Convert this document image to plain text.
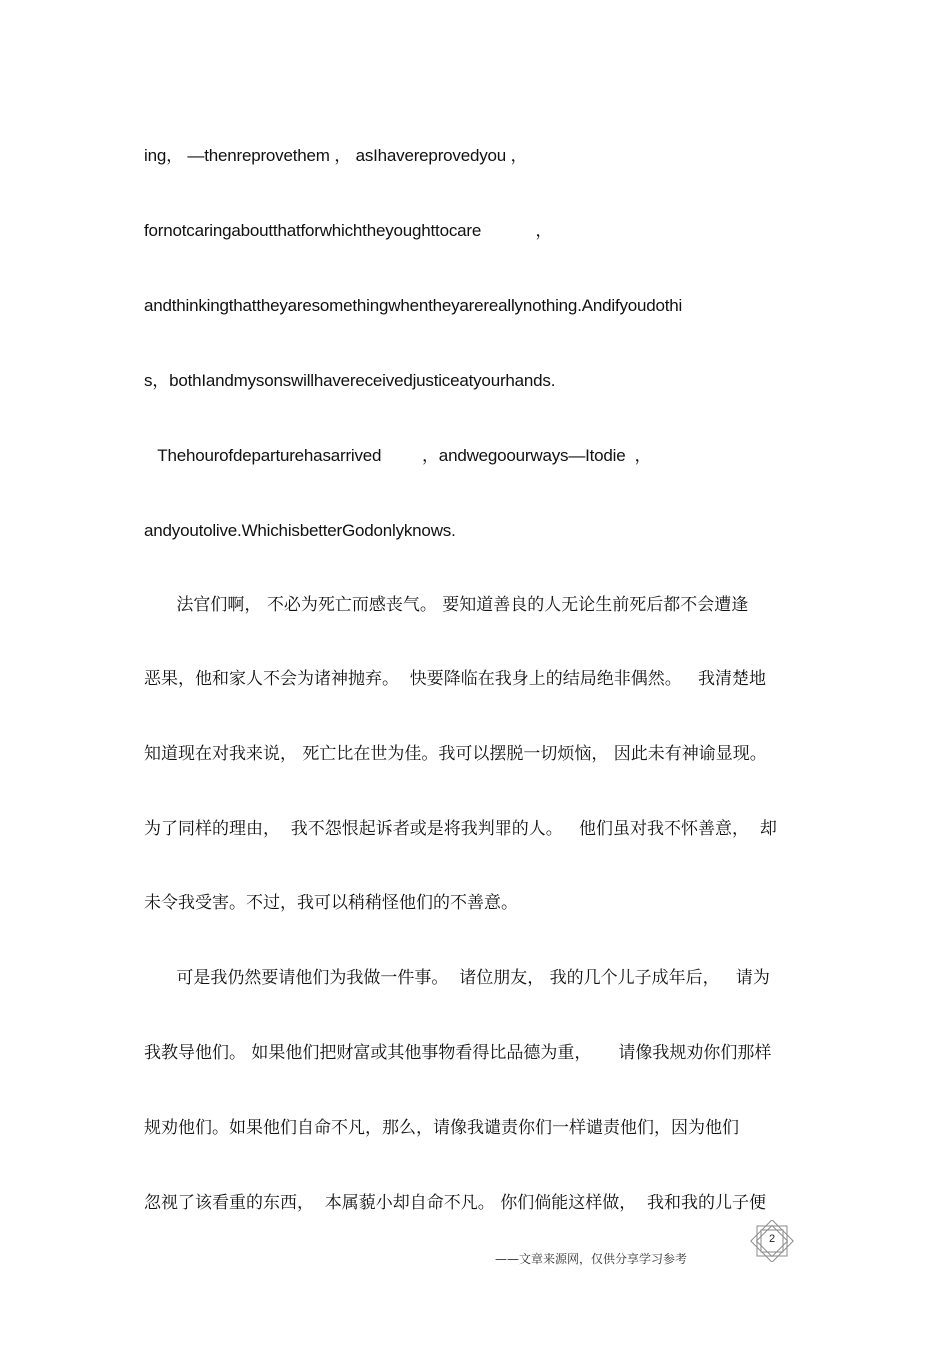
ing， —thenreprovethem ， asIhavereprovedyou ，
fornotcaringaboutthatforwhichtheyoughttocare            ，
andthinkingthattheyaresomethingwhentheyarereallynothing.Andifyoudothi
s，bothIandmysonswillhavereceivedjusticeatyourhands.
Thehourofdeparturehasarrived         ，andwegoourways—Itodie  ，
andyoutolive.WhichisbetterGodonlyknows.
法官们啊， 不必为死亡而感丧气。 要知道善良的人无论生前死后都不会遭逢
恶果，他和家人不会为诸神抛弃。  快要降临在我身上的结局绝非偶然。   我清楚地
知道现在对我来说， 死亡比在世为佳。我可以摆脱一切烦恼， 因此未有神谕显现。
为了同样的理由，  我不怨恨起诉者或是将我判罪的人。   他们虽对我不怀善意，  却
未令我受害。不过，我可以稍稍怪他们的不善意。
可是我仍然要请他们为我做一件事。  诸位朋友， 我的几个儿子成年后，   请为
我教导他们。 如果他们把财富或其他事物看得比品德为重，     请像我规劝你们那样
规劝他们。如果他们自命不凡，那么，请像我谴责你们一样谴责他们，因为他们
忽视了该看重的东西，  本属藐小却自命不凡。 你们倘能这样做，  我和我的儿子便
2
——文章来源网，仅供分享学习参考
